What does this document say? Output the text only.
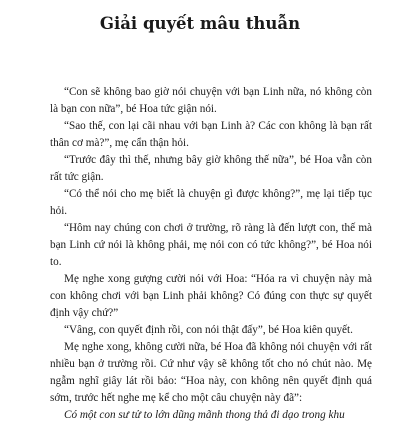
Giải quyết mâu thuẫn

“Con sẽ không bao giờ nói chuyện với bạn Linh nữa, nó không còn là bạn con nữa”, bé Hoa tức giận nói.

“Sao thế, con lại cãi nhau với bạn Linh à? Các con không là bạn rất thân cơ mà?”, mẹ cẩn thận hỏi.

“Trước đây thì thế, nhưng bây giờ không thế nữa”, bé Hoa vẫn còn rất tức giận.

“Có thể nói cho mẹ biết là chuyện gì được không?”, mẹ lại tiếp tục hỏi.

“Hôm nay chúng con chơi ở trường, rõ ràng là đến lượt con, thế mà bạn Linh cứ nói là không phải, mẹ nói con có tức không?”, bé Hoa nói to.

Mẹ nghe xong gượng cười nói với Hoa: “Hóa ra vì chuyện này mà con không chơi với bạn Linh phải không? Có đúng con thực sự quyết định vậy chứ?”

“Vâng, con quyết định rồi, con nói thật đấy”, bé Hoa kiên quyết.

Mẹ nghe xong, không cười nữa, bé Hoa đã không nói chuyện với rất nhiều bạn ở trường rồi. Cứ như vậy sẽ không tốt cho nó chút nào. Mẹ ngẫm nghĩ giây lát rồi bảo: “Hoa này, con không nên quyết định quá sớm, trước hết nghe mẹ kể cho một câu chuyện này đã”:

Có một con sư tử to lớn dũng mãnh thong thả đi dạo trong khu
